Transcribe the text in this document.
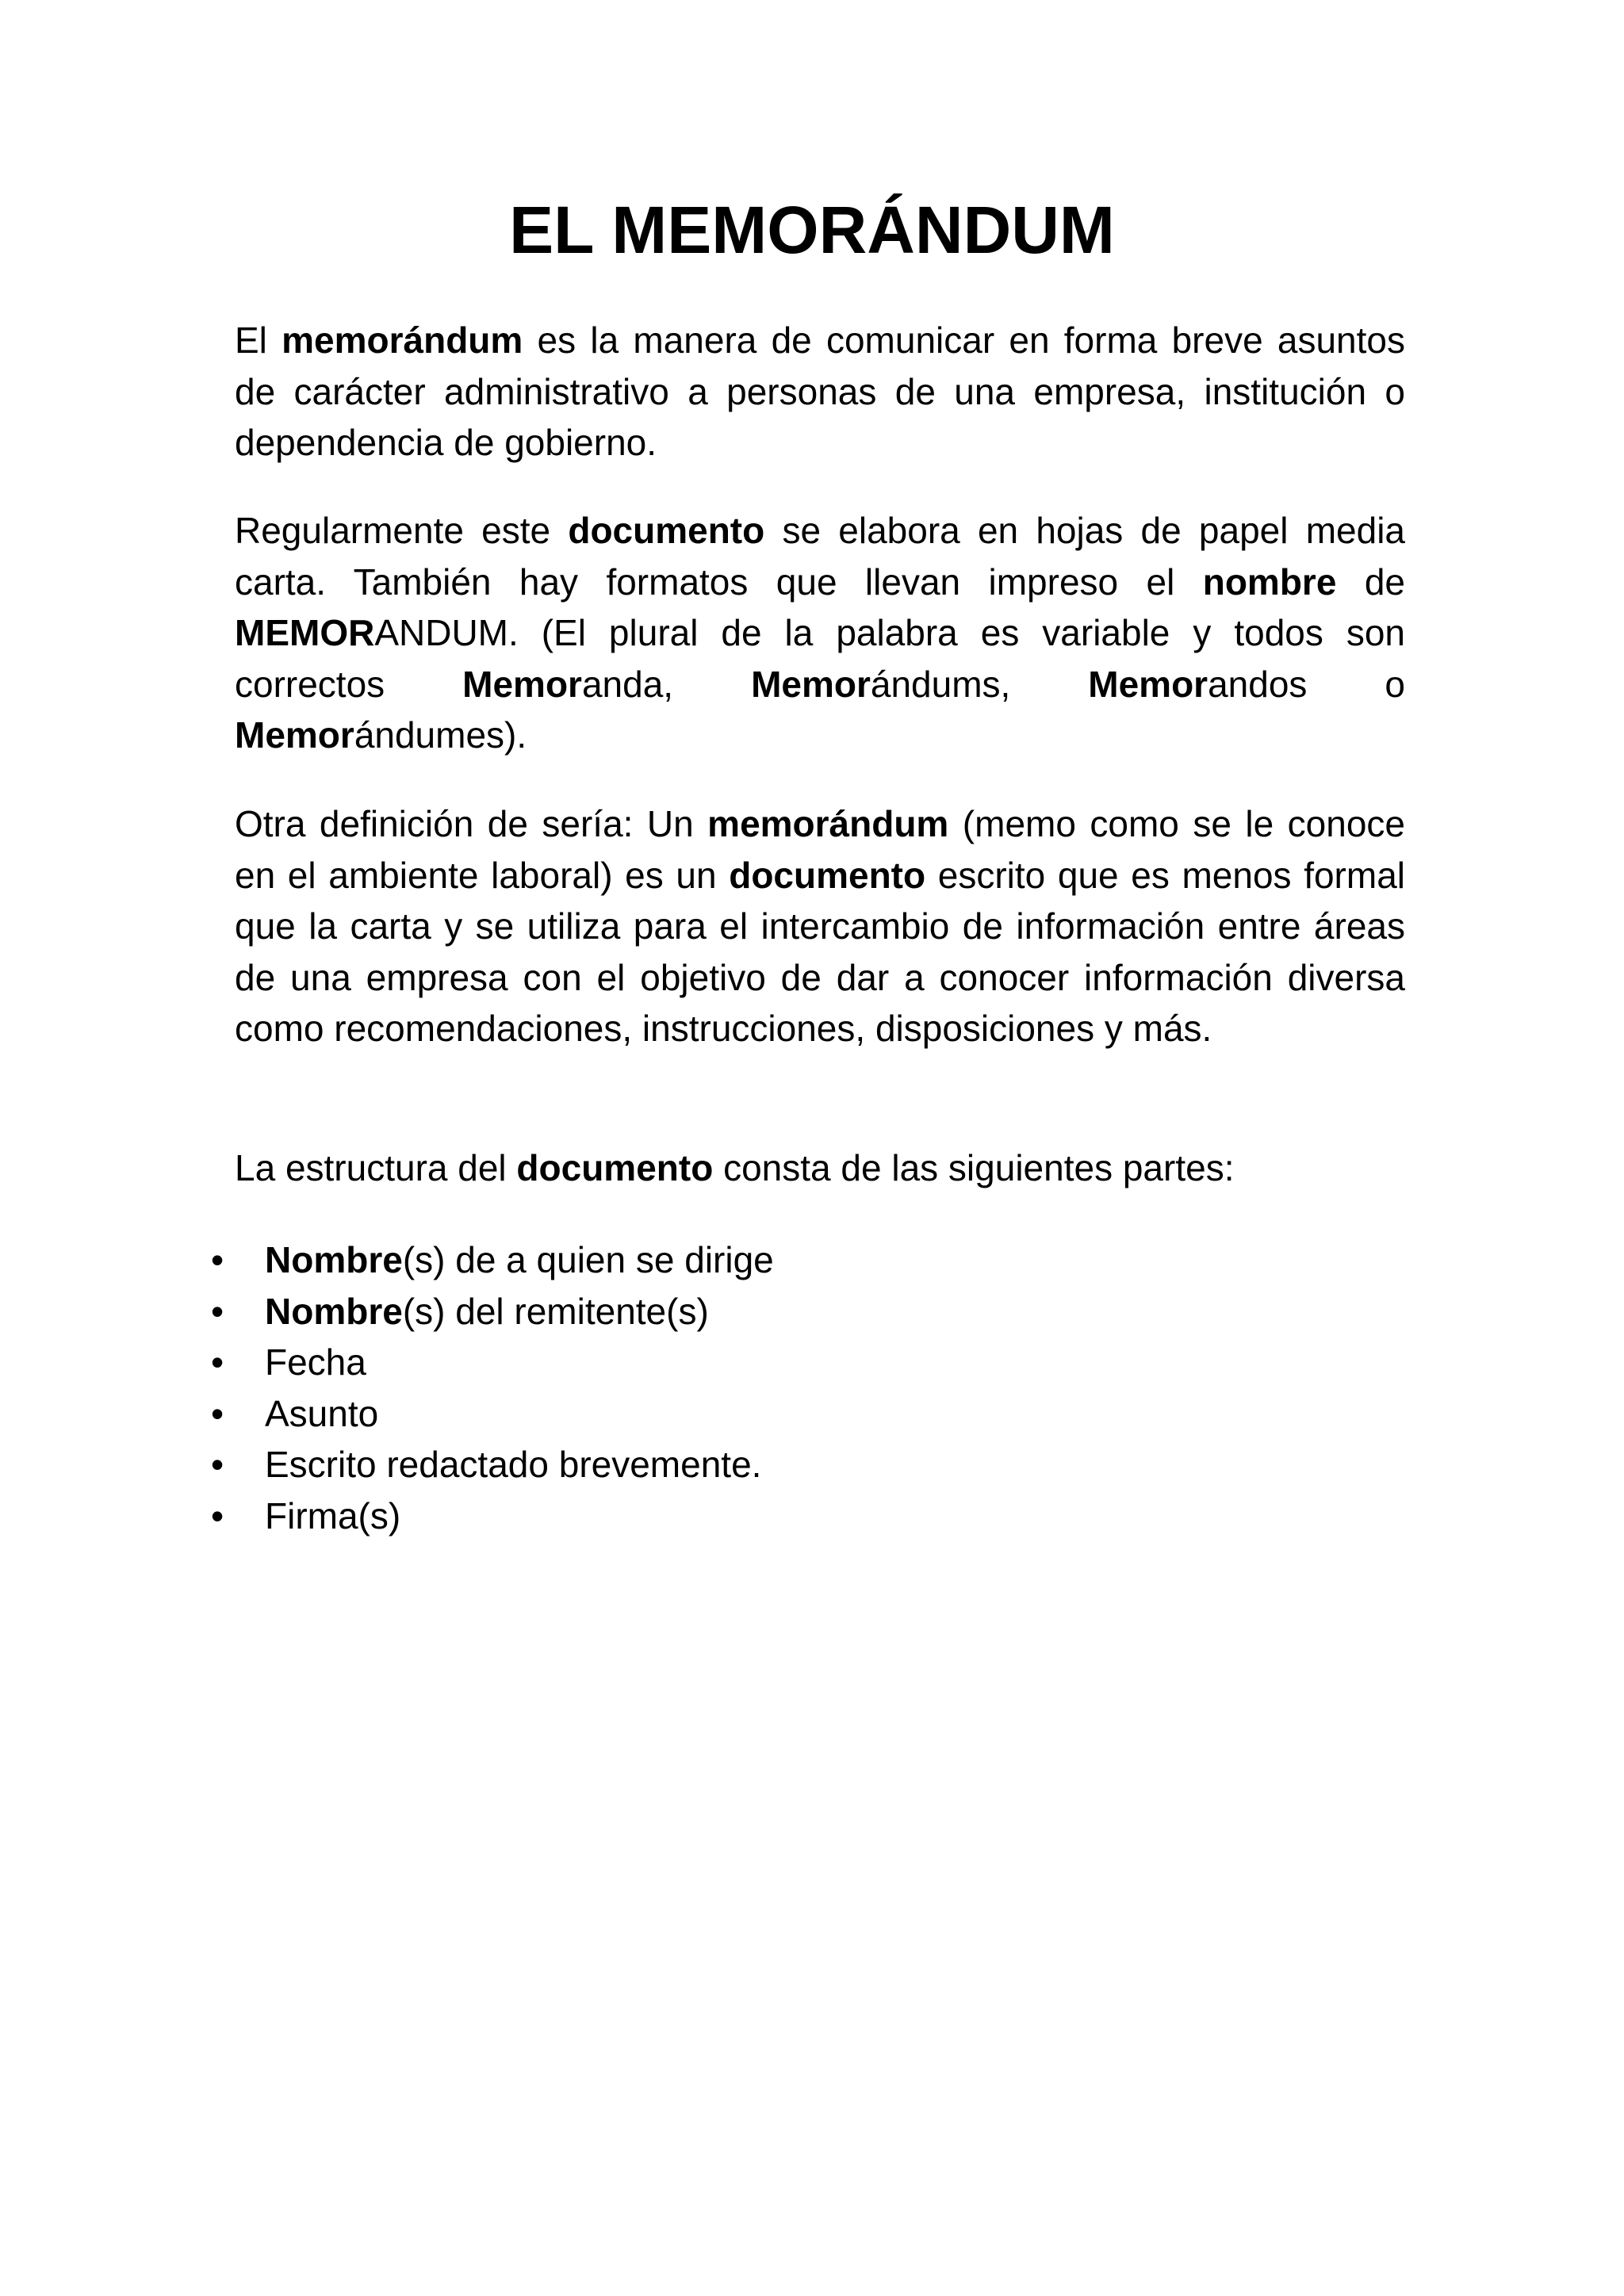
EL MEMORÁNDUM

El memorándum es la manera de comunicar en forma breve asuntos de carácter administrativo a personas de una empresa, institución o dependencia de gobierno.

Regularmente este documento se elabora en hojas de papel media carta. También hay formatos que llevan impreso el nombre de MEMORANDUM. (El plural de la palabra es variable y todos son correctos Memoranda, Memorándums, Memorandos o Memorándumes).

Otra definición de sería: Un memorándum (memo como se le conoce en el ambiente laboral) es un documento escrito que es menos formal que la carta y se utiliza para el intercambio de información entre áreas de una empresa con el objetivo de dar a conocer información diversa como recomendaciones, instrucciones, disposiciones y más.

La estructura del documento consta de las siguientes partes:

• Nombre(s) de a quien se dirige
• Nombre(s) del remitente(s)
• Fecha
• Asunto
• Escrito redactado brevemente.
• Firma(s)
